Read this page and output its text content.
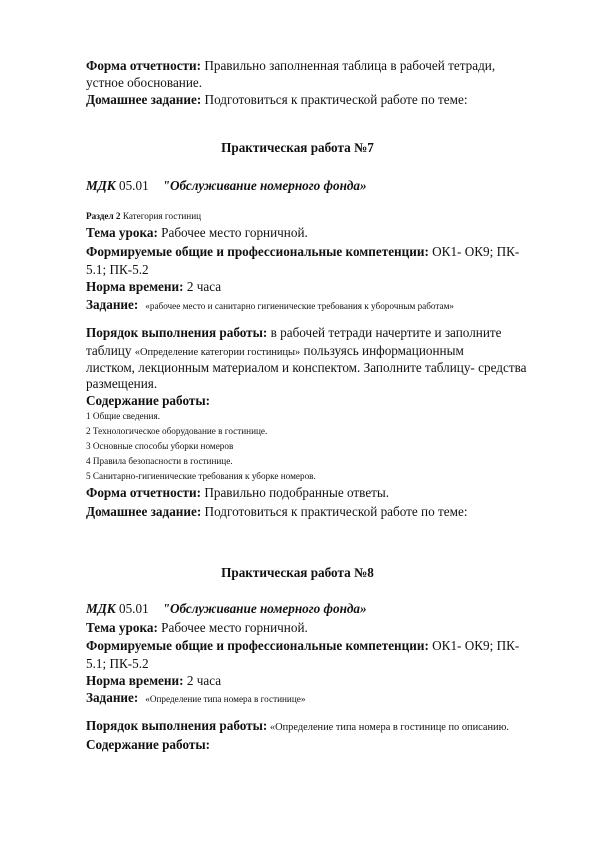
Форма отчетности: Правильно заполненная таблица в рабочей тетради,
устное обоснование.
Домашнее задание: Подготовиться к практической работе по теме:
Практическая работа №7
МДК 05.01 "Обслуживание номерного фонда»
Раздел 2 Категория гостиниц
Тема урока: Рабочее место горничной.
Формируемые общие и профессиональные компетенции: ОК1- ОК9; ПК-
5.1; ПК-5.2
Норма времени: 2 часа
Задание: «рабочее место и санитарно гигиенические требования к уборочным работам»
Порядок выполнения работы: в рабочей тетради начертите и заполните
таблицу «Определение категории гостиницы» пользуясь информационным
листком, лекционным материалом и конспектом. Заполните таблицу- средства
размещения.
Содержание работы:
1 Общие сведения.
2 Технологическое оборудование в гостинице.
3 Основные способы уборки номеров
4 Правила безопасности в гостинице.
5 Санитарно-гигиенические требования к уборке номеров.
Форма отчетности: Правильно подобранные ответы.
Домашнее задание: Подготовиться к практической работе по теме:
Практическая работа №8
МДК 05.01 "Обслуживание номерного фонда»
Тема урока: Рабочее место горничной.
Формируемые общие и профессиональные компетенции: ОК1- ОК9; ПК-
5.1; ПК-5.2
Норма времени: 2 часа
Задание: «Определение типа номера в гостинице»
Порядок выполнения работы: «Определение типа номера в гостинице по описанию.
Содержание работы:
